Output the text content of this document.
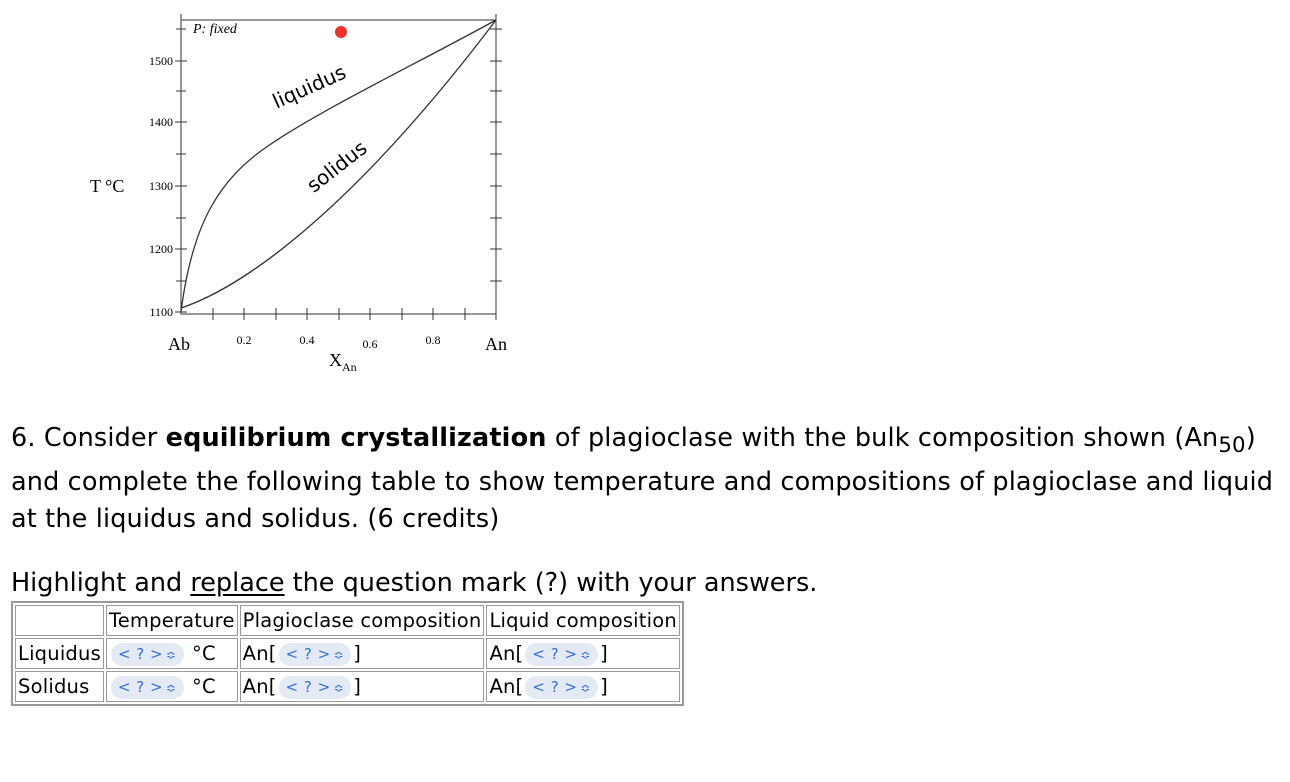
P: fixed
1500
1400
1300
1200
1100
T °C
Ab	An
0.2	0.4	0.6	0.8
$X_{An}$
liquidus
solidus

6. Consider equilibrium crystallization of plagioclase with the bulk composition shown $(An_{50})$ and complete the following table to show temperature and compositions of plagioclase and liquid at the liquidus and solidus. (6 credits)

Highlight and replace the question mark (?) with your answers.
	Temperature	Plagioclase composition	Liquid composition
Liquidus	< ? > ≎ °C	An[ < ? > ≎ ]	An[ < ? > ≎ ]
Solidus	< ? > ≎ °C	An[ < ? > ≎ ]	An[ < ? > ≎ ]
